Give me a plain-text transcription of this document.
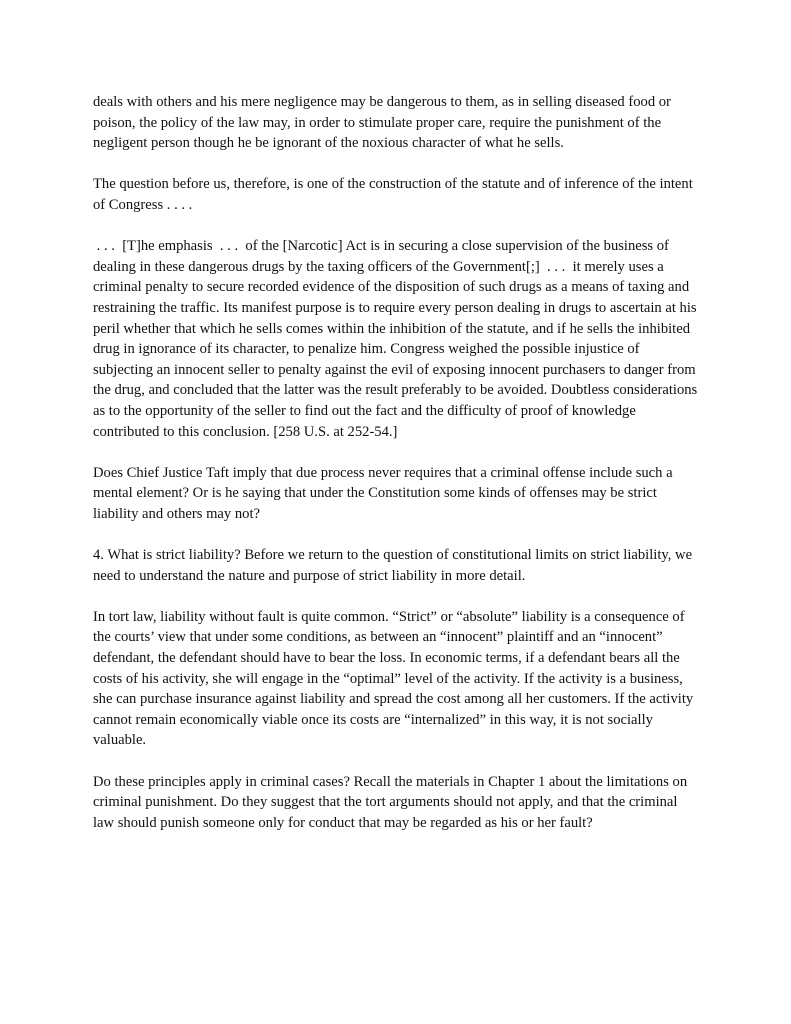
deals with others and his mere negligence may be dangerous to them, as in selling diseased food or poison, the policy of the law may, in order to stimulate proper care, require the punishment of the negligent person though he be ignorant of the noxious character of what he sells.

The question before us, therefore, is one of the construction of the statute and of inference of the intent of Congress . . . .

. . .  [T]he emphasis  . . .  of the [Narcotic] Act is in securing a close supervision of the business of dealing in these dangerous drugs by the taxing officers of the Government[;]  . . .  it merely uses a criminal penalty to secure recorded evidence of the disposition of such drugs as a means of taxing and restraining the traffic. Its manifest purpose is to require every person dealing in drugs to ascertain at his peril whether that which he sells comes within the inhibition of the statute, and if he sells the inhibited drug in ignorance of its character, to penalize him. Congress weighed the possible injustice of subjecting an innocent seller to penalty against the evil of exposing innocent purchasers to danger from the drug, and concluded that the latter was the result preferably to be avoided. Doubtless considerations as to the opportunity of the seller to find out the fact and the difficulty of proof of knowledge contributed to this conclusion. [258 U.S. at 252-54.]

Does Chief Justice Taft imply that due process never requires that a criminal offense include such a mental element? Or is he saying that under the Constitution some kinds of offenses may be strict liability and others may not?

4. What is strict liability? Before we return to the question of constitutional limits on strict liability, we need to understand the nature and purpose of strict liability in more detail.

In tort law, liability without fault is quite common. “Strict” or “absolute” liability is a consequence of the courts’ view that under some conditions, as between an “innocent” plaintiff and an “innocent” defendant, the defendant should have to bear the loss. In economic terms, if a defendant bears all the costs of his activity, she will engage in the “optimal” level of the activity. If the activity is a business, she can purchase insurance against liability and spread the cost among all her customers. If the activity cannot remain economically viable once its costs are “internalized” in this way, it is not socially valuable.

Do these principles apply in criminal cases? Recall the materials in Chapter 1 about the limitations on criminal punishment. Do they suggest that the tort arguments should not apply, and that the criminal law should punish someone only for conduct that may be regarded as his or her fault?
